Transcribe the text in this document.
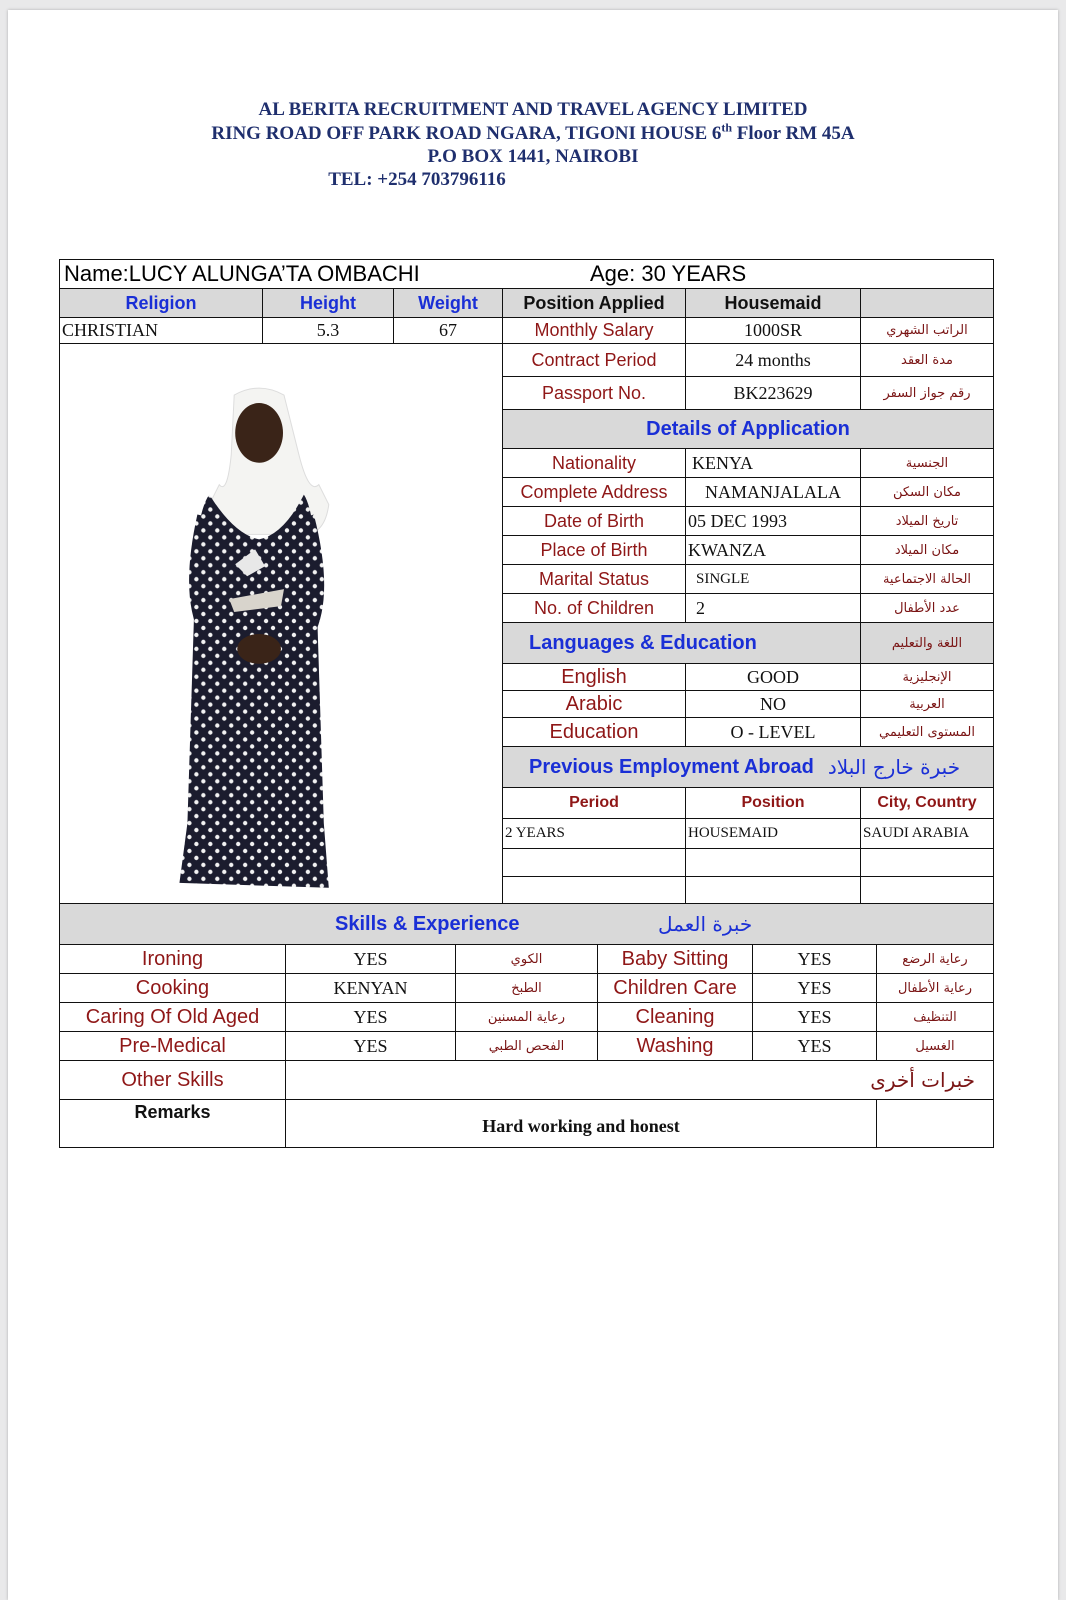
AL BERITA RECRUITMENT AND TRAVEL AGENCY LIMITED
RING ROAD OFF PARK ROAD NGARA, TIGONI HOUSE 6th Floor RM 45A
P.O BOX 1441, NAIROBI
TEL: +254 703796116
Name:LUCY ALUNGA’TA OMBACHI	Age: 30 YEARS
Religion	Height	Weight	Position Applied	Housemaid
CHRISTIAN	5.3	67	Monthly Salary	1000SR	الراتب الشهري
Contract Period	24 months	مدة العقد
Passport No.	BK223629	رقم جواز السفر
Details of Application
Nationality	KENYA	الجنسية
Complete Address	NAMANJALALA	مكان السكن
Date of Birth	05 DEC 1993	تاريخ الميلاد
Place of Birth	KWANZA	مكان الميلاد
Marital Status	SINGLE	الحالة الاجتماعية
No. of Children	2	عدد الأطفال
Languages & Education	اللغة والتعليم
English	GOOD	الإنجليزية
Arabic	NO	العربية
Education	O - LEVEL	المستوى التعليمي
Previous Employment Abroad خبرة خارج البلاد
Period	Position	City, Country
2 YEARS	HOUSEMAID	SAUDI ARABIA
Skills & Experience	خبرة العمل
Ironing	YES	الكوي	Baby Sitting	YES	رعاية الرضع
Cooking	KENYAN	الطبخ	Children Care	YES	رعاية الأطفال
Caring Of Old Aged	YES	رعاية المسنين	Cleaning	YES	التنظيف
Pre-Medical	YES	الفحص الطبي	Washing	YES	الغسيل
Other Skills	خبرات أخرى
Remarks
Hard working and honest
